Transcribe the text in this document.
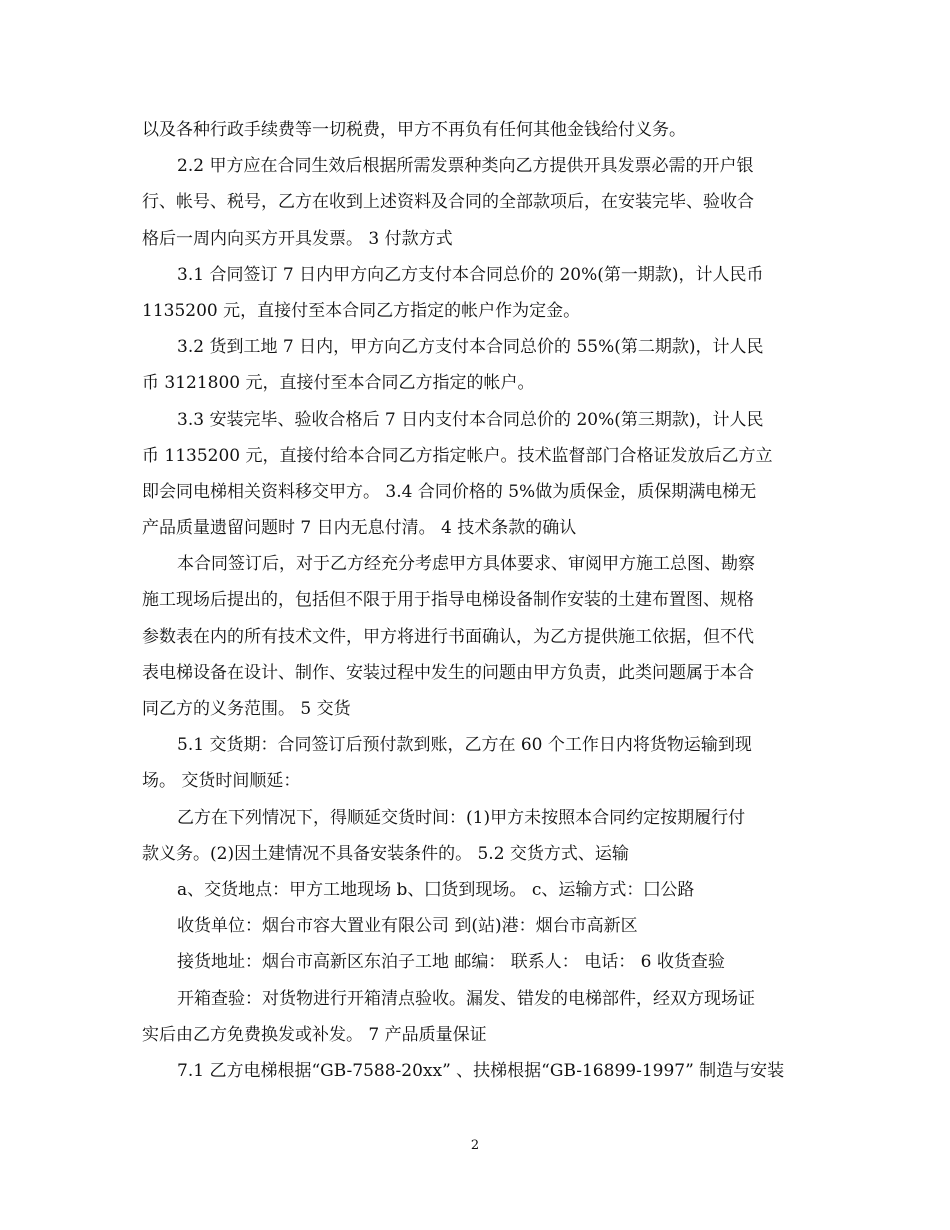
以及各种行政手续费等一切税费，甲方不再负有任何其他金钱给付义务。
2.2 甲方应在合同生效后根据所需发票种类向乙方提供开具发票必需的开户银
行、帐号、税号，乙方在收到上述资料及合同的全部款项后，在安装完毕、验收合
格后一周内向买方开具发票。 3 付款方式
3.1 合同签订 7 日内甲方向乙方支付本合同总价的 20%(第一期款)，计人民币
1135200 元，直接付至本合同乙方指定的帐户作为定金。
3.2 货到工地 7 日内，甲方向乙方支付本合同总价的 55%(第二期款)，计人民
币 3121800 元，直接付至本合同乙方指定的帐户。
3.3 安装完毕、验收合格后 7 日内支付本合同总价的 20%(第三期款)，计人民
币 1135200 元，直接付给本合同乙方指定帐户。技术监督部门合格证发放后乙方立
即会同电梯相关资料移交甲方。 3.4 合同价格的 5%做为质保金，质保期满电梯无
产品质量遗留问题时 7 日内无息付清。 4 技术条款的确认
本合同签订后，对于乙方经充分考虑甲方具体要求、审阅甲方施工总图、勘察
施工现场后提出的，包括但不限于用于指导电梯设备制作安装的土建布置图、规格
参数表在内的所有技术文件，甲方将进行书面确认，为乙方提供施工依据，但不代
表电梯设备在设计、制作、安装过程中发生的问题由甲方负责，此类问题属于本合
同乙方的义务范围。 5 交货
5.1 交货期：合同签订后预付款到账，乙方在 60 个工作日内将货物运输到现
场。 交货时间顺延：
乙方在下列情况下，得顺延交货时间：(1)甲方未按照本合同约定按期履行付
款义务。(2)因土建情况不具备安装条件的。 5.2 交货方式、运输
a、交货地点：甲方工地现场 b、囗货到现场。 c、运输方式：囗公路
收货单位：烟台市容大置业有限公司 到(站)港：烟台市高新区
接货地址：烟台市高新区东泊子工地 邮编： 联系人： 电话： 6 收货查验
开箱查验：对货物进行开箱清点验收。漏发、错发的电梯部件，经双方现场证
实后由乙方免费换发或补发。 7 产品质量保证
7.1 乙方电梯根据“GB-7588-20xx” 、扶梯根据“GB-16899-1997” 制造与安装
2
